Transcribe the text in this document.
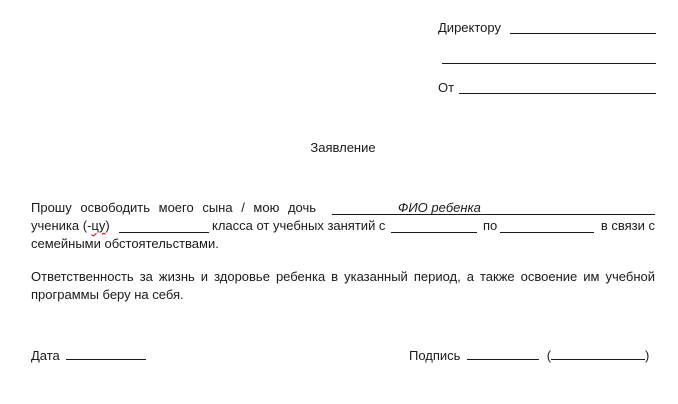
Директору
От
Заявление
Прошу освободить моего сына / мою дочь	ФИО ребенка
ученика (-цу)	класса от учебных занятий с	по	в связи с
семейными обстоятельствами.
Ответственность за жизнь и здоровье ребенка в указанный период, а также освоение им учебной
программы беру на себя.
Дата	Подпись	(	)
